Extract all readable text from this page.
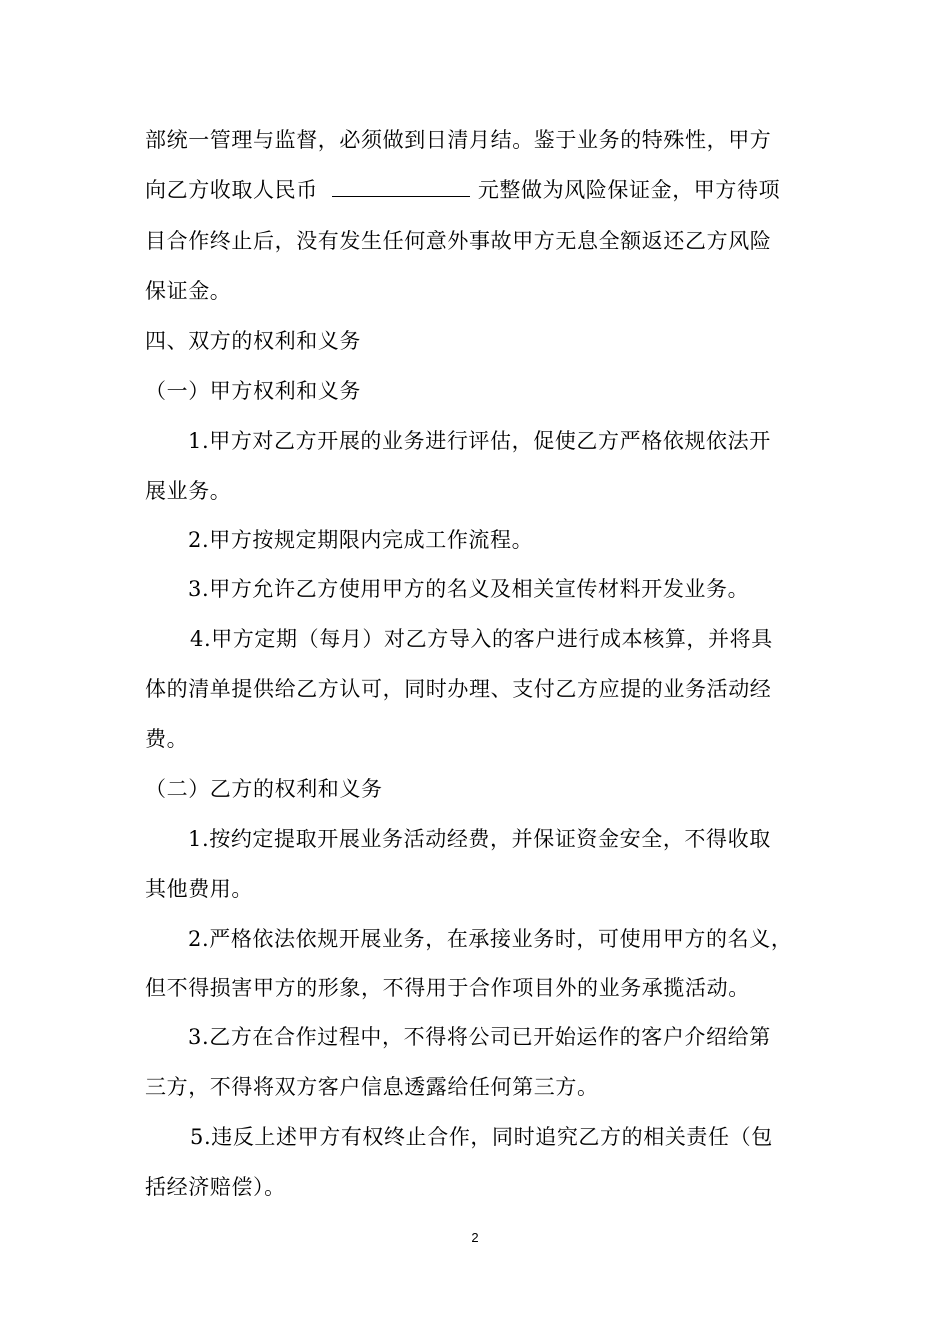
部统一管理与监督，必须做到日清月结。鉴于业务的特殊性，甲方
向乙方收取人民币	元整做为风险保证金，甲方待项
目合作终止后，没有发生任何意外事故甲方无息全额返还乙方风险
保证金。
四、双方的权利和义务
（一）甲方权利和义务
1.甲方对乙方开展的业务进行评估，促使乙方严格依规依法开
展业务。
2.甲方按规定期限内完成工作流程。
3.甲方允许乙方使用甲方的名义及相关宣传材料开发业务。
4.甲方定期（每月）对乙方导入的客户进行成本核算，并将具
体的清单提供给乙方认可，同时办理、支付乙方应提的业务活动经
费。
（二）乙方的权利和义务
1.按约定提取开展业务活动经费，并保证资金安全，不得收取
其他费用。
2.严格依法依规开展业务，在承接业务时，可使用甲方的名义，
但不得损害甲方的形象，不得用于合作项目外的业务承揽活动。
3.乙方在合作过程中，不得将公司已开始运作的客户介绍给第
三方，不得将双方客户信息透露给任何第三方。
5.违反上述甲方有权终止合作，同时追究乙方的相关责任（包
括经济赔偿）。
2
